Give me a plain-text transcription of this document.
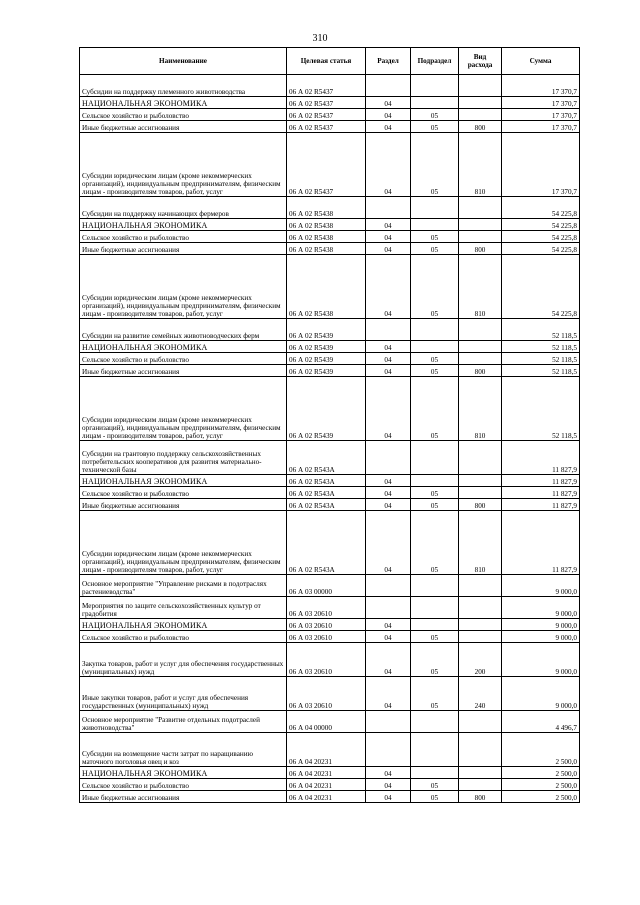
310
Наименование	Целевая статья	Раздел	Подраздел	Вид расхода	Сумма
Субсидии на поддержку племенного животноводства	06 А 02 R5437				17 370,7
НАЦИОНАЛЬНАЯ ЭКОНОМИКА	06 А 02 R5437	04			17 370,7
Сельское хозяйство и рыболовство	06 А 02 R5437	04	05		17 370,7
Иные бюджетные ассигнования	06 А 02 R5437	04	05	800	17 370,7
Субсидии юридическим лицам (кроме некоммерческих организаций), индивидуальным предпринимателям, физическим лицам - производителям товаров, работ, услуг	06 А 02 R5437	04	05	810	17 370,7
Субсидии на поддержку начинающих фермеров	06 А 02 R5438				54 225,8
НАЦИОНАЛЬНАЯ ЭКОНОМИКА	06 А 02 R5438	04			54 225,8
Сельское хозяйство и рыболовство	06 А 02 R5438	04	05		54 225,8
Иные бюджетные ассигнования	06 А 02 R5438	04	05	800	54 225,8
Субсидии юридическим лицам (кроме некоммерческих организаций), индивидуальным предпринимателям, физическим лицам - производителям товаров, работ, услуг	06 А 02 R5438	04	05	810	54 225,8
Субсидии на развитие семейных животноводческих ферм	06 А 02 R5439				52 118,5
НАЦИОНАЛЬНАЯ ЭКОНОМИКА	06 А 02 R5439	04			52 118,5
Сельское хозяйство и рыболовство	06 А 02 R5439	04	05		52 118,5
Иные бюджетные ассигнования	06 А 02 R5439	04	05	800	52 118,5
Субсидии юридическим лицам (кроме некоммерческих организаций), индивидуальным предпринимателям, физическим лицам - производителям товаров, работ, услуг	06 А 02 R5439	04	05	810	52 118,5
Субсидии на грантовую поддержку сельскохозяйственных потребительских кооперативов для развития материально-технической базы	06 А 02 R543A				11 827,9
НАЦИОНАЛЬНАЯ ЭКОНОМИКА	06 А 02 R543A	04			11 827,9
Сельское хозяйство и рыболовство	06 А 02 R543A	04	05		11 827,9
Иные бюджетные ассигнования	06 А 02 R543A	04	05	800	11 827,9
Субсидии юридическим лицам (кроме некоммерческих организаций), индивидуальным предпринимателям, физическим лицам - производителям товаров, работ, услуг	06 А 02 R543A	04	05	810	11 827,9
Основное мероприятие "Управление рисками в подотраслях растениеводства"	06 А 03 00000				9 000,0
Мероприятия по защите сельскохозяйственных культур от градобития	06 А 03 20610				9 000,0
НАЦИОНАЛЬНАЯ ЭКОНОМИКА	06 А 03 20610	04			9 000,0
Сельское хозяйство и рыболовство	06 А 03 20610	04	05		9 000,0
Закупка товаров, работ и услуг для обеспечения государственных (муниципальных) нужд	06 А 03 20610	04	05	200	9 000,0
Иные закупки товаров, работ и услуг для обеспечения государственных (муниципальных) нужд	06 А 03 20610	04	05	240	9 000,0
Основное мероприятие "Развитие отдельных подотраслей животноводства"	06 А 04 00000				4 496,7
Субсидии на возмещение части затрат по наращиванию маточного поголовья овец и коз	06 А 04 20231				2 500,0
НАЦИОНАЛЬНАЯ ЭКОНОМИКА	06 А 04 20231	04			2 500,0
Сельское хозяйство и рыболовство	06 А 04 20231	04	05		2 500,0
Иные бюджетные ассигнования	06 А 04 20231	04	05	800	2 500,0
